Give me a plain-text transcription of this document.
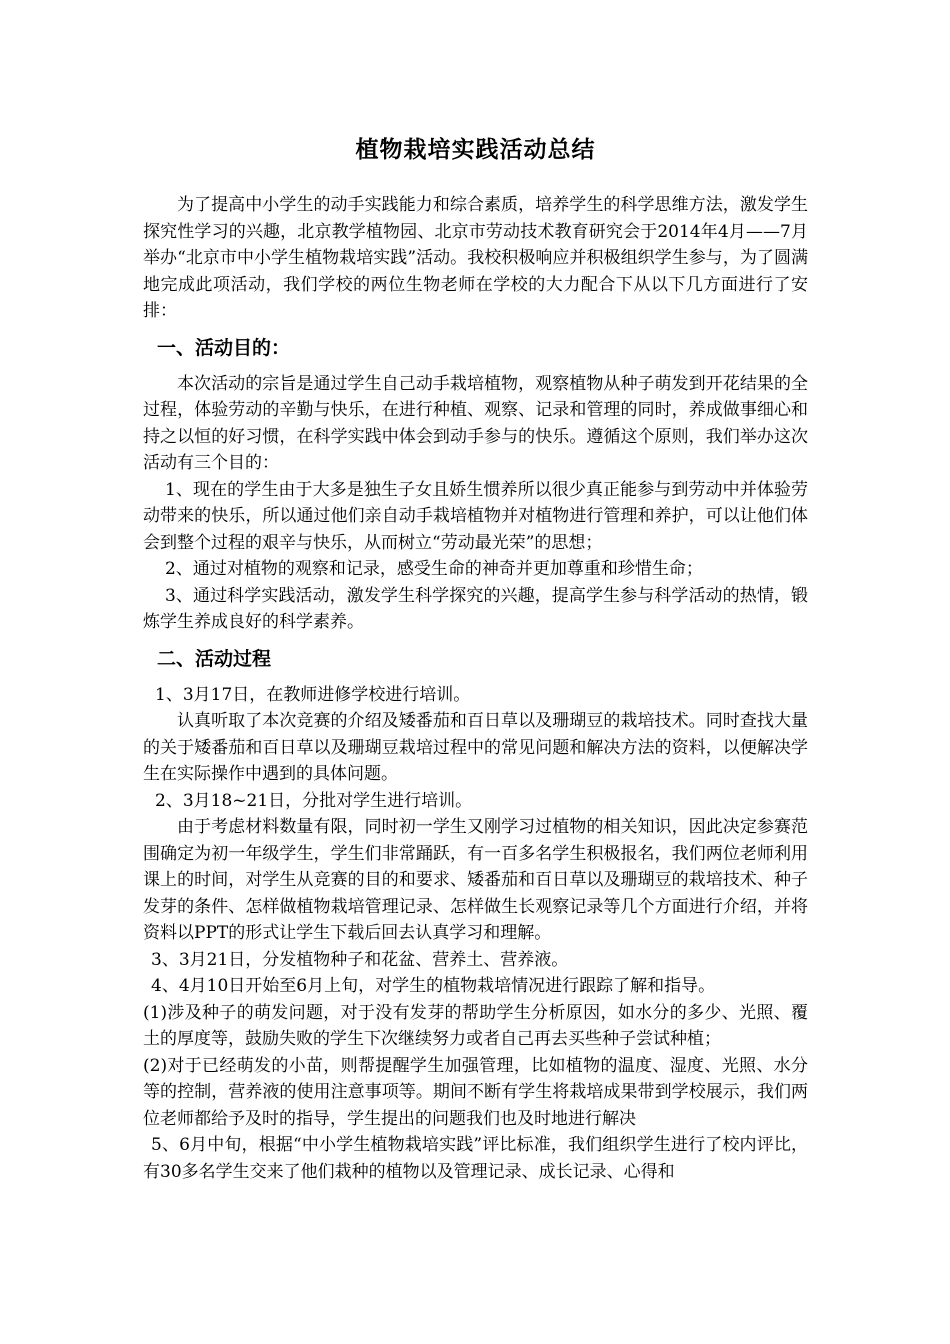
植物栽培实践活动总结

为了提高中小学生的动手实践能力和综合素质，培养学生的科学思维方法，激发学生探究性学习的兴趣，北京教学植物园、北京市劳动技术教育研究会于2014年4月——7月举办“北京市中小学生植物栽培实践”活动。我校积极响应并积极组织学生参与，为了圆满地完成此项活动，我们学校的两位生物老师在学校的大力配合下从以下几方面进行了安排：

一、活动目的：

本次活动的宗旨是通过学生自己动手栽培植物，观察植物从种子萌发到开花结果的全过程，体验劳动的辛勤与快乐，在进行种植、观察、记录和管理的同时，养成做事细心和持之以恒的好习惯，在科学实践中体会到动手参与的快乐。遵循这个原则，我们举办这次活动有三个目的：

1、现在的学生由于大多是独生子女且娇生惯养所以很少真正能参与到劳动中并体验劳动带来的快乐，所以通过他们亲自动手栽培植物并对植物进行管理和养护，可以让他们体会到整个过程的艰辛与快乐，从而树立“劳动最光荣”的思想；

2、通过对植物的观察和记录，感受生命的神奇并更加尊重和珍惜生命；

3、通过科学实践活动，激发学生科学探究的兴趣，提高学生参与科学活动的热情，锻炼学生养成良好的科学素养。

二、活动过程

1、3月17日，在教师进修学校进行培训。

认真听取了本次竞赛的介绍及矮番茄和百日草以及珊瑚豆的栽培技术。同时查找大量的关于矮番茄和百日草以及珊瑚豆栽培过程中的常见问题和解决方法的资料，以便解决学生在实际操作中遇到的具体问题。

2、3月18~21日，分批对学生进行培训。

由于考虑材料数量有限，同时初一学生又刚学习过植物的相关知识，因此决定参赛范围确定为初一年级学生，学生们非常踊跃，有一百多名学生积极报名，我们两位老师利用课上的时间，对学生从竞赛的目的和要求、矮番茄和百日草以及珊瑚豆的栽培技术、种子发芽的条件、怎样做植物栽培管理记录、怎样做生长观察记录等几个方面进行介绍，并将资料以PPT的形式让学生下载后回去认真学习和理解。

3、3月21日，分发植物种子和花盆、营养土、营养液。

4、4月10日开始至6月上旬，对学生的植物栽培情况进行跟踪了解和指导。

(1)涉及种子的萌发问题，对于没有发芽的帮助学生分析原因，如水分的多少、光照、覆土的厚度等，鼓励失败的学生下次继续努力或者自己再去买些种子尝试种植；

(2)对于已经萌发的小苗，则帮提醒学生加强管理，比如植物的温度、湿度、光照、水分等的控制，营养液的使用注意事项等。期间不断有学生将栽培成果带到学校展示，我们两位老师都给予及时的指导，学生提出的问题我们也及时地进行解决

5、6月中旬，根据“中小学生植物栽培实践”评比标准，我们组织学生进行了校内评比，有30多名学生交来了他们栽种的植物以及管理记录、成长记录、心得和
